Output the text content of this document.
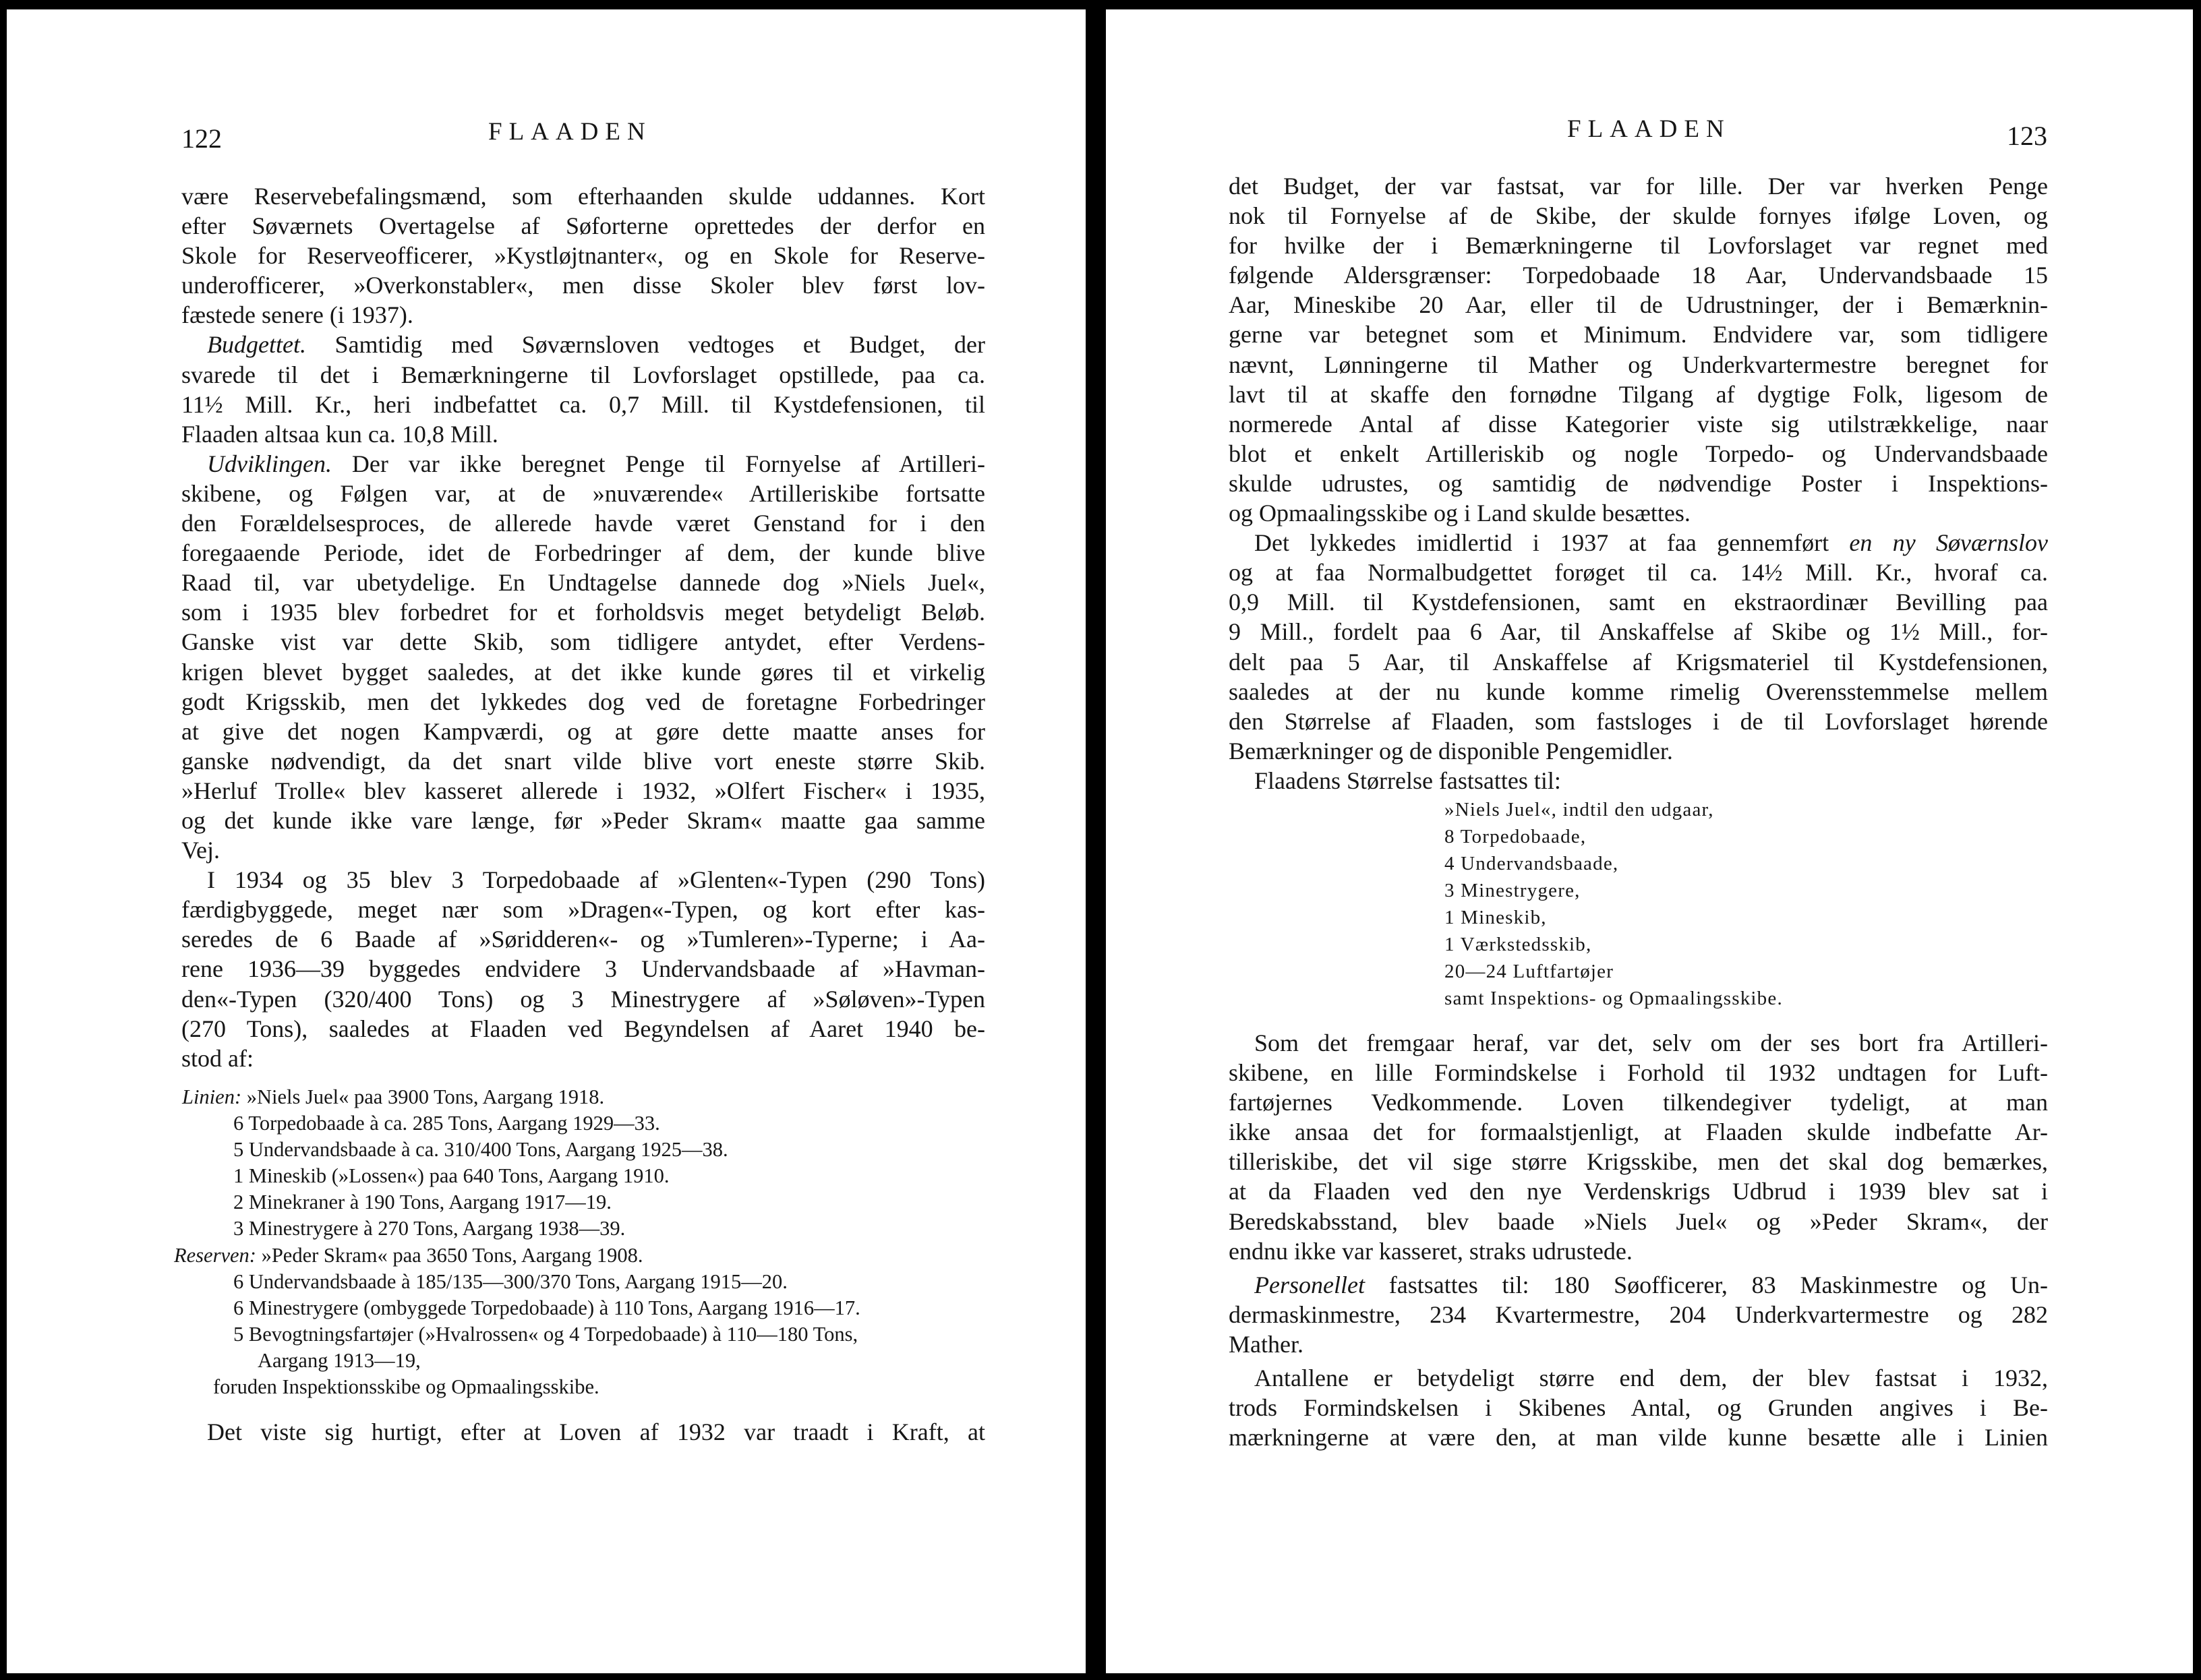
122	FLAADEN
være Reservebefalingsmænd, som efterhaanden skulde uddannes. Kort
efter Søværnets Overtagelse af Søforterne oprettedes der derfor en
Skole for Reserveofficerer, »Kystløjtnanter«, og en Skole for Reserve-
underofficerer, »Overkonstabler«, men disse Skoler blev først lov-
fæstede senere (i 1937).
Budgettet. Samtidig med Søværnsloven vedtoges et Budget, der
svarede til det i Bemærkningerne til Lovforslaget opstillede, paa ca.
11½ Mill. Kr., heri indbefattet ca. 0,7 Mill. til Kystdefensionen, til
Flaaden altsaa kun ca. 10,8 Mill.
Udviklingen. Der var ikke beregnet Penge til Fornyelse af Artilleri-
skibene, og Følgen var, at de »nuværende« Artilleriskibe fortsatte
den Forældelsesproces, de allerede havde været Genstand for i den
foregaaende Periode, idet de Forbedringer af dem, der kunde blive
Raad til, var ubetydelige. En Undtagelse dannede dog »Niels Juel«,
som i 1935 blev forbedret for et forholdsvis meget betydeligt Beløb.
Ganske vist var dette Skib, som tidligere antydet, efter Verdens-
krigen blevet bygget saaledes, at det ikke kunde gøres til et virkelig
godt Krigsskib, men det lykkedes dog ved de foretagne Forbedringer
at give det nogen Kampværdi, og at gøre dette maatte anses for
ganske nødvendigt, da det snart vilde blive vort eneste større Skib.
»Herluf Trolle« blev kasseret allerede i 1932, »Olfert Fischer« i 1935,
og det kunde ikke vare længe, før »Peder Skram« maatte gaa samme
Vej.
I 1934 og 35 blev 3 Torpedobaade af »Glenten«-Typen (290 Tons)
færdigbyggede, meget nær som »Dragen«-Typen, og kort efter kas-
seredes de 6 Baade af »Søridderen«- og »Tumleren»-Typerne; i Aa-
rene 1936—39 byggedes endvidere 3 Undervandsbaade af »Havman-
den«-Typen (320/400 Tons) og 3 Minestrygere af »Søløven»-Typen
(270 Tons), saaledes at Flaaden ved Begyndelsen af Aaret 1940 be-
stod af:
Linien: »Niels Juel« paa 3900 Tons, Aargang 1918.
6 Torpedobaade à ca. 285 Tons, Aargang 1929—33.
5 Undervandsbaade à ca. 310/400 Tons, Aargang 1925—38.
1 Mineskib (»Lossen«) paa 640 Tons, Aargang 1910.
2 Minekraner à 190 Tons, Aargang 1917—19.
3 Minestrygere à 270 Tons, Aargang 1938—39.
Reserven: »Peder Skram« paa 3650 Tons, Aargang 1908.
6 Undervandsbaade à 185/135—300/370 Tons, Aargang 1915—20.
6 Minestrygere (ombyggede Torpedobaade) à 110 Tons, Aargang 1916—17.
5 Bevogtningsfartøjer (»Hvalrossen« og 4 Torpedobaade) à 110—180 Tons,
Aargang 1913—19,
foruden Inspektionsskibe og Opmaalingsskibe.
Det viste sig hurtigt, efter at Loven af 1932 var traadt i Kraft, at
FLAADEN	123
det Budget, der var fastsat, var for lille. Der var hverken Penge
nok til Fornyelse af de Skibe, der skulde fornyes ifølge Loven, og
for hvilke der i Bemærkningerne til Lovforslaget var regnet med
følgende Aldersgrænser: Torpedobaade 18 Aar, Undervandsbaade 15
Aar, Mineskibe 20 Aar, eller til de Udrustninger, der i Bemærknin-
gerne var betegnet som et Minimum. Endvidere var, som tidligere
nævnt, Lønningerne til Mather og Underkvartermestre beregnet for
lavt til at skaffe den fornødne Tilgang af dygtige Folk, ligesom de
normerede Antal af disse Kategorier viste sig utilstrækkelige, naar
blot et enkelt Artilleriskib og nogle Torpedo- og Undervandsbaade
skulde udrustes, og samtidig de nødvendige Poster i Inspektions-
og Opmaalingsskibe og i Land skulde besættes.
Det lykkedes imidlertid i 1937 at faa gennemført en ny Søværnslov
og at faa Normalbudgettet forøget til ca. 14½ Mill. Kr., hvoraf ca.
0,9 Mill. til Kystdefensionen, samt en ekstraordinær Bevilling paa
9 Mill., fordelt paa 6 Aar, til Anskaffelse af Skibe og 1½ Mill., for-
delt paa 5 Aar, til Anskaffelse af Krigsmateriel til Kystdefensionen,
saaledes at der nu kunde komme rimelig Overensstemmelse mellem
den Størrelse af Flaaden, som fastsloges i de til Lovforslaget hørende
Bemærkninger og de disponible Pengemidler.
Flaadens Størrelse fastsattes til:
»Niels Juel«, indtil den udgaar,
8 Torpedobaade,
4 Undervandsbaade,
3 Minestrygere,
1 Mineskib,
1 Værkstedsskib,
20—24 Luftfartøjer
samt Inspektions- og Opmaalingsskibe.
Som det fremgaar heraf, var det, selv om der ses bort fra Artilleri-
skibene, en lille Formindskelse i Forhold til 1932 undtagen for Luft-
fartøjernes Vedkommende. Loven tilkendegiver tydeligt, at man
ikke ansaa det for formaalstjenligt, at Flaaden skulde indbefatte Ar-
tilleriskibe, det vil sige større Krigsskibe, men det skal dog bemærkes,
at da Flaaden ved den nye Verdenskrigs Udbrud i 1939 blev sat i
Beredskabsstand, blev baade »Niels Juel« og »Peder Skram«, der
endnu ikke var kasseret, straks udrustede.
Personellet fastsattes til: 180 Søofficerer, 83 Maskinmestre og Un-
dermaskinmestre, 234 Kvartermestre, 204 Underkvartermestre og 282
Mather.
Antallene er betydeligt større end dem, der blev fastsat i 1932,
trods Formindskelsen i Skibenes Antal, og Grunden angives i Be-
mærkningerne at være den, at man vilde kunne besætte alle i Linien
